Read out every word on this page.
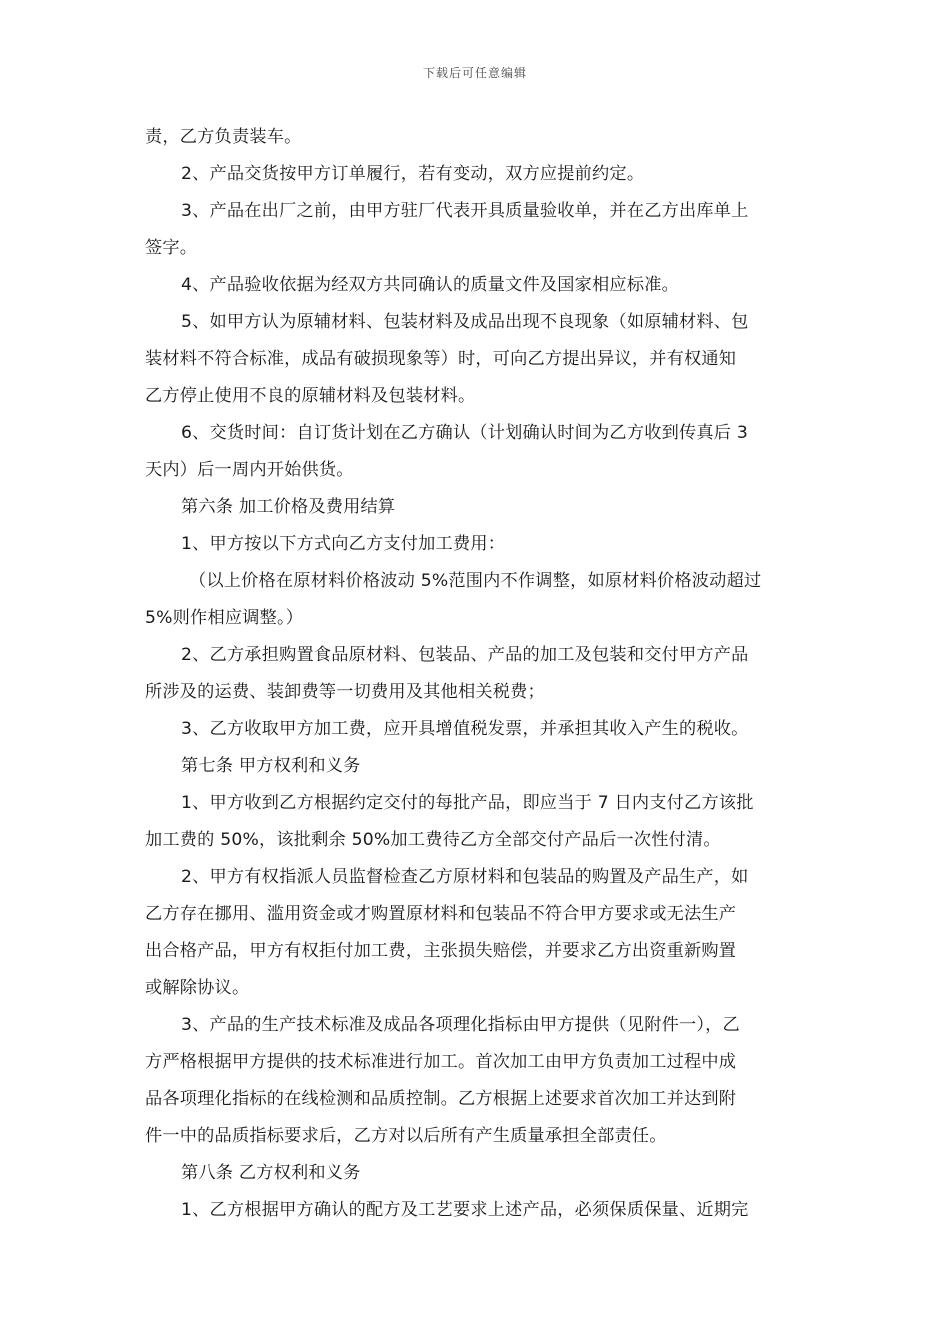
下载后可任意编辑
责，乙方负责装车。
2、产品交货按甲方订单履行，若有变动，双方应提前约定。
3、产品在出厂之前，由甲方驻厂代表开具质量验收单，并在乙方出库单上
签字。
4、产品验收依据为经双方共同确认的质量文件及国家相应标准。
5、如甲方认为原辅材料、包装材料及成品出现不良现象（如原辅材料、包
装材料不符合标准，成品有破损现象等）时，可向乙方提出异议，并有权通知
乙方停止使用不良的原辅材料及包装材料。
6、交货时间：自订货计划在乙方确认（计划确认时间为乙方收到传真后 3
天内）后一周内开始供货。
第六条 加工价格及费用结算
1、甲方按以下方式向乙方支付加工费用：
（以上价格在原材料价格波动 5%范围内不作调整，如原材料价格波动超过
5%则作相应调整。）
2、乙方承担购置食品原材料、包装品、产品的加工及包装和交付甲方产品
所涉及的运费、装卸费等一切费用及其他相关税费；
3、乙方收取甲方加工费，应开具增值税发票，并承担其收入产生的税收。
第七条 甲方权利和义务
1、甲方收到乙方根据约定交付的每批产品，即应当于 7 日内支付乙方该批
加工费的 50%，该批剩余 50%加工费待乙方全部交付产品后一次性付清。
2、甲方有权指派人员监督检查乙方原材料和包装品的购置及产品生产，如
乙方存在挪用、滥用资金或才购置原材料和包装品不符合甲方要求或无法生产
出合格产品，甲方有权拒付加工费，主张损失赔偿，并要求乙方出资重新购置
或解除协议。
3、产品的生产技术标准及成品各项理化指标由甲方提供（见附件一），乙
方严格根据甲方提供的技术标准进行加工。首次加工由甲方负责加工过程中成
品各项理化指标的在线检测和品质控制。乙方根据上述要求首次加工并达到附
件一中的品质指标要求后，乙方对以后所有产生质量承担全部责任。
第八条 乙方权利和义务
1、乙方根据甲方确认的配方及工艺要求上述产品，必须保质保量、近期完
